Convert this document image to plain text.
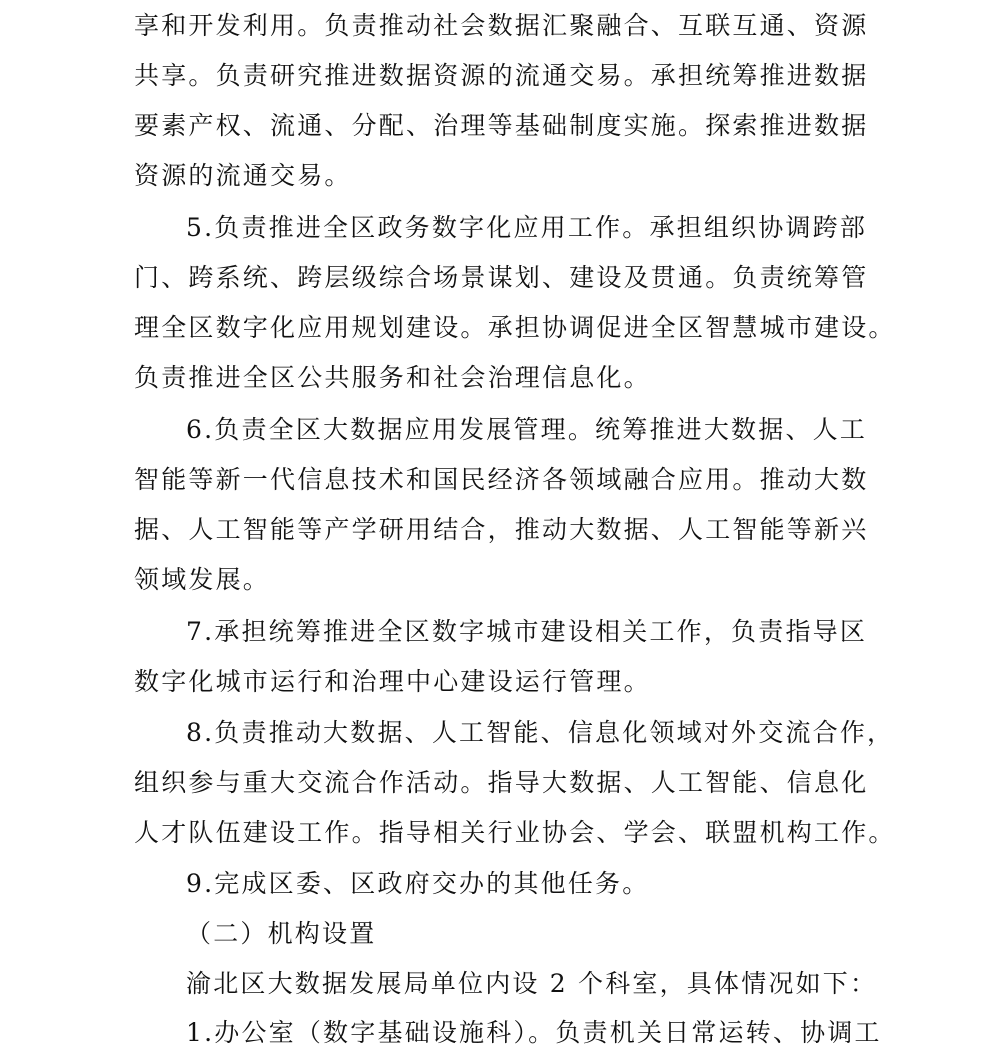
享和开发利用。负责推动社会数据汇聚融合、互联互通、资源
共享。负责研究推进数据资源的流通交易。承担统筹推进数据
要素产权、流通、分配、治理等基础制度实施。探索推进数据
资源的流通交易。
5.负责推进全区政务数字化应用工作。承担组织协调跨部
门、跨系统、跨层级综合场景谋划、建设及贯通。负责统筹管
理全区数字化应用规划建设。承担协调促进全区智慧城市建设。
负责推进全区公共服务和社会治理信息化。
6.负责全区大数据应用发展管理。统筹推进大数据、人工
智能等新一代信息技术和国民经济各领域融合应用。推动大数
据、人工智能等产学研用结合，推动大数据、人工智能等新兴
领域发展。
7.承担统筹推进全区数字城市建设相关工作，负责指导区
数字化城市运行和治理中心建设运行管理。
8.负责推动大数据、人工智能、信息化领域对外交流合作，
组织参与重大交流合作活动。指导大数据、人工智能、信息化
人才队伍建设工作。指导相关行业协会、学会、联盟机构工作。
9.完成区委、区政府交办的其他任务。
（二）机构设置
渝北区大数据发展局单位内设 2 个科室，具体情况如下：
1.办公室（数字基础设施科）。负责机关日常运转、协调工
